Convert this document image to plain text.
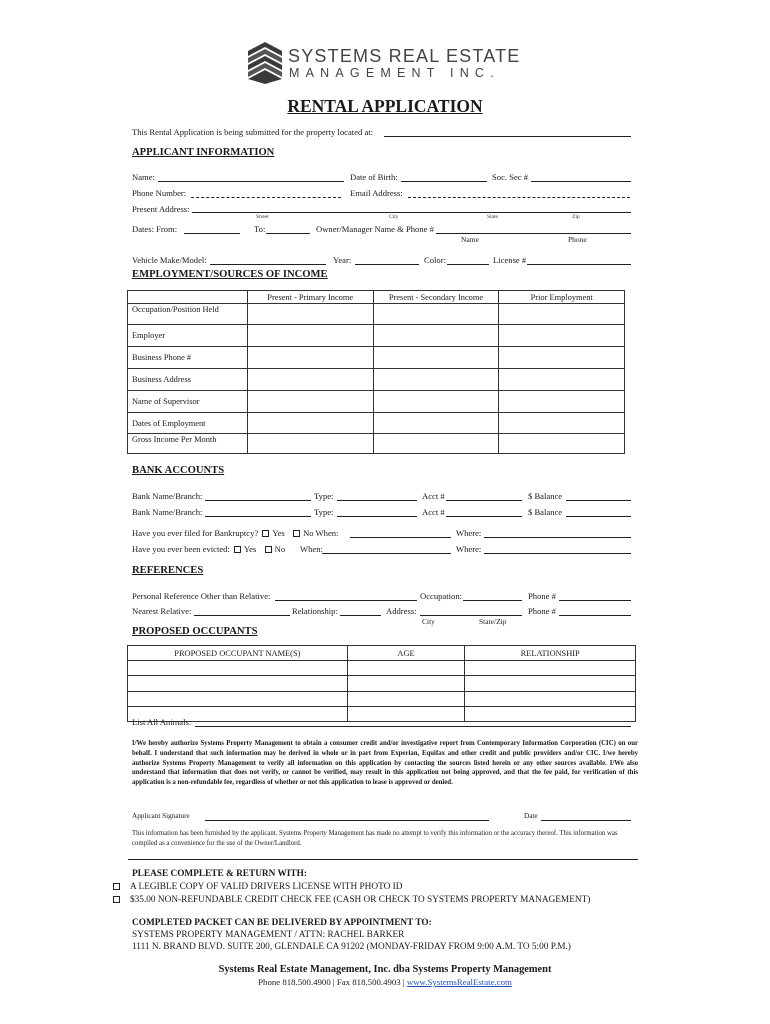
SYSTEMS REAL ESTATE
MANAGEMENT INC.
RENTAL APPLICATION
This Rental Application is being submitted for the property located at:
APPLICANT INFORMATION
Name:	Date of Birth:	Soc. Sec #
Phone Number:	Email Address:
Present Address:
Street	City	State	Zip
Dates: From:	To:	Owner/Manager Name & Phone #
Name	Phone
Vehicle Make/Model:	Year:	Color:	License #
EMPLOYMENT/SOURCES OF INCOME
	Present - Primary Income	Present - Secondary Income	Prior Employment
Occupation/Position Held			
Employer			
Business Phone #			
Business Address			
Name of Supervisor			
Dates of Employment			
Gross Income Per Month			
BANK ACCOUNTS
Bank Name/Branch:	Type:	Acct #	$ Balance
Bank Name/Branch:	Type:	Acct #	$ Balance
Have you ever filed for Bankruptcy? Yes No When:	Where:
Have you ever been evicted: Yes No When:	Where:
REFERENCES
Personal Reference Other than Relative:	Occupation:	Phone #
Nearest Relative:	Relationship:	Address:	Phone #
City	State/Zip
PROPOSED OCCUPANTS
PROPOSED OCCUPANT NAME(S)	AGE	RELATIONSHIP

List All Animals:
I/We hereby authorize Systems Property Management to obtain a consumer credit and/or investigative report from Contemporary Information Corporation (CIC) on our behalf. I understand that such information may be derived in whole or in part from Experian, Equifax and other credit and public providers and/or CIC. I/we hereby authorize Systems Property Management to verify all information on this application by contacting the sources listed herein or any other sources available. I/We also understand that information that does not verify, or cannot be verified, may result in this application not being approved, and that the fee paid, for verification of this application is a non-refundable fee, regardless of whether or not this application to lease is approved or denied.
Applicant Signature	Date
This information has been furnished by the applicant. Systems Property Management has made no attempt to verify this information or the accuracy thereof. This information was compiled as a convenience for the use of the Owner/Landlord.
PLEASE COMPLETE & RETURN WITH:
A LEGIBLE COPY OF VALID DRIVERS LICENSE WITH PHOTO ID
$35.00 NON-REFUNDABLE CREDIT CHECK FEE (CASH OR CHECK TO SYSTEMS PROPERTY MANAGEMENT)
COMPLETED PACKET CAN BE DELIVERED BY APPOINTMENT TO:
SYSTEMS PROPERTY MANAGEMENT / ATTN: RACHEL BARKER
1111 N. BRAND BLVD. SUITE 200, GLENDALE CA 91202 (MONDAY-FRIDAY FROM 9:00 A.M. TO 5:00 P.M.)
Systems Real Estate Management, Inc. dba Systems Property Management
Phone 818.500.4900 | Fax 818.500.4903 | www.SystemsRealEstate.com
